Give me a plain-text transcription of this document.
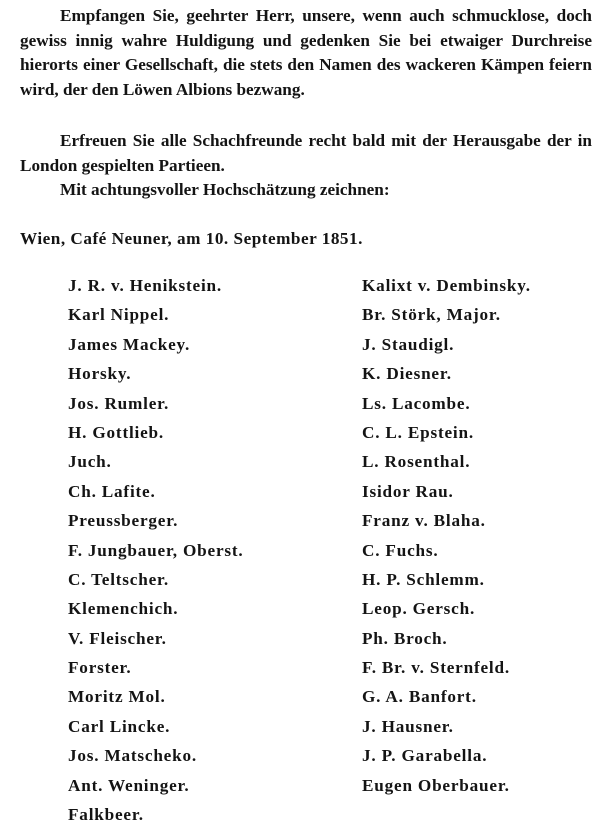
Empfangen Sie, geehrter Herr, unsere, wenn auch schmucklose, doch gewiss innig wahre Huldigung und gedenken Sie bei etwaiger Durchreise hierorts einer Gesellschaft, die stets den Namen des wackeren Kämpen feiern wird, der den Löwen Albions bezwang.

Erfreuen Sie alle Schachfreunde recht bald mit der Herausgabe der in London gespielten Partieen.

Mit achtungsvoller Hochschätzung zeichnen:

Wien, Café Neuner, am 10. September 1851.

J. R. v. Henikstein.
Karl Nippel.
James Mackey.
Horsky.
Jos. Rumler.
H. Gottlieb.
Juch.
Ch. Lafite.
Preussberger.
F. Jungbauer, Oberst.
C. Teltscher.
Klemenchich.
V. Fleischer.
Forster.
Moritz Mol.
Carl Lincke.
Jos. Matscheko.
Ant. Weninger.
Falkbeer.
Kalixt v. Dembinsky.
Br. Störk, Major.
J. Staudigl.
K. Diesner.
Ls. Lacombe.
C. L. Epstein.
L. Rosenthal.
Isidor Rau.
Franz v. Blaha.
C. Fuchs.
H. P. Schlemm.
Leop. Gersch.
Ph. Broch.
F. Br. v. Sternfeld.
G. A. Banfort.
J. Hausner.
J. P. Garabella.
Eugen Oberbauer.
